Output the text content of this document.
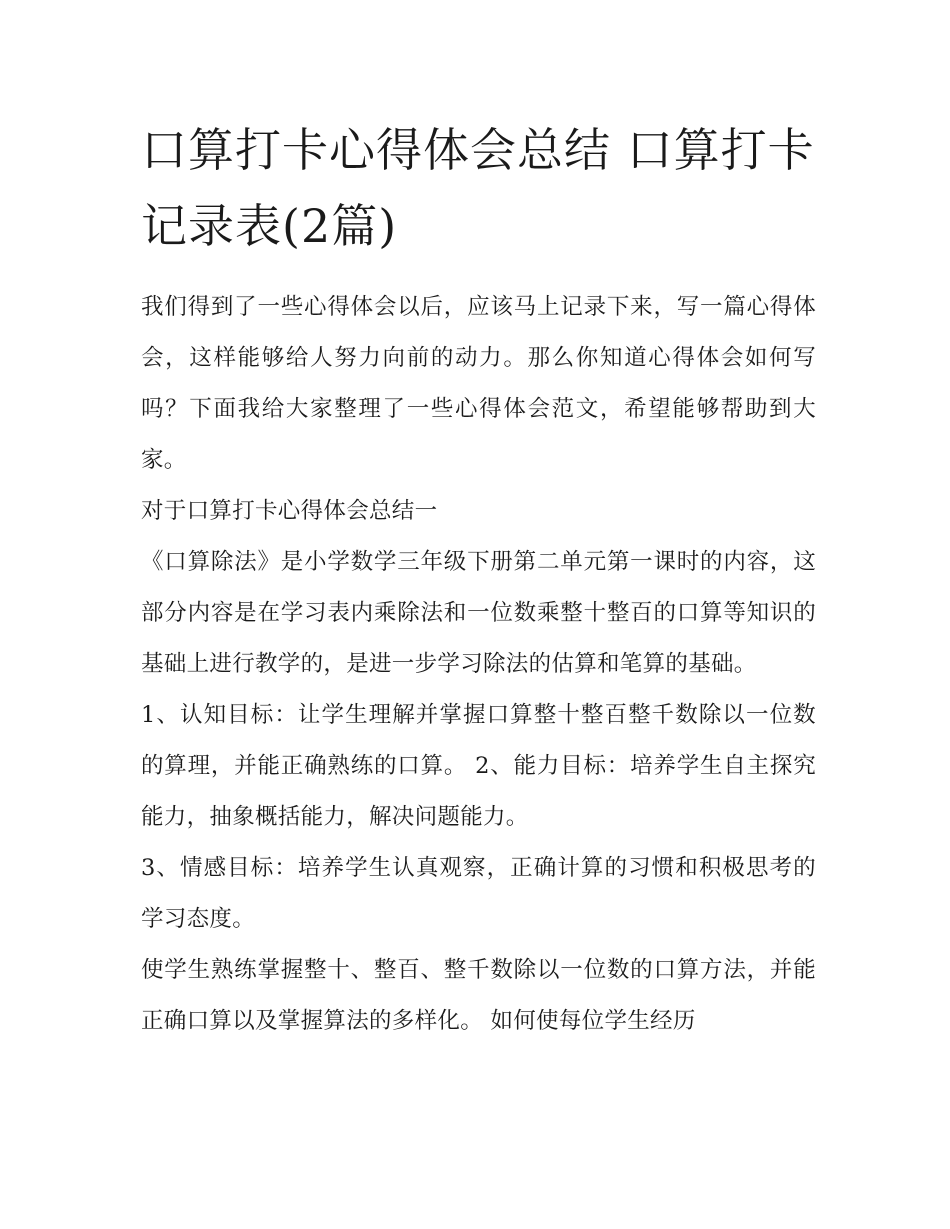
口算打卡心得体会总结 口算打卡记录表(2篇)

我们得到了一些心得体会以后，应该马上记录下来，写一篇心得体会，这样能够给人努力向前的动力。那么你知道心得体会如何写吗？下面我给大家整理了一些心得体会范文，希望能够帮助到大家。

对于口算打卡心得体会总结一

《口算除法》是小学数学三年级下册第二单元第一课时的内容，这部分内容是在学习表内乘除法和一位数乘整十整百的口算等知识的基础上进行教学的，是进一步学习除法的估算和笔算的基础。

1、认知目标：让学生理解并掌握口算整十整百整千数除以一位数的算理，并能正确熟练的口算。 2、能力目标：培养学生自主探究能力，抽象概括能力，解决问题能力。

3、情感目标：培养学生认真观察，正确计算的习惯和积极思考的学习态度。

使学生熟练掌握整十、整百、整千数除以一位数的口算方法，并能正确口算以及掌握算法的多样化。 如何使每位学生经历
